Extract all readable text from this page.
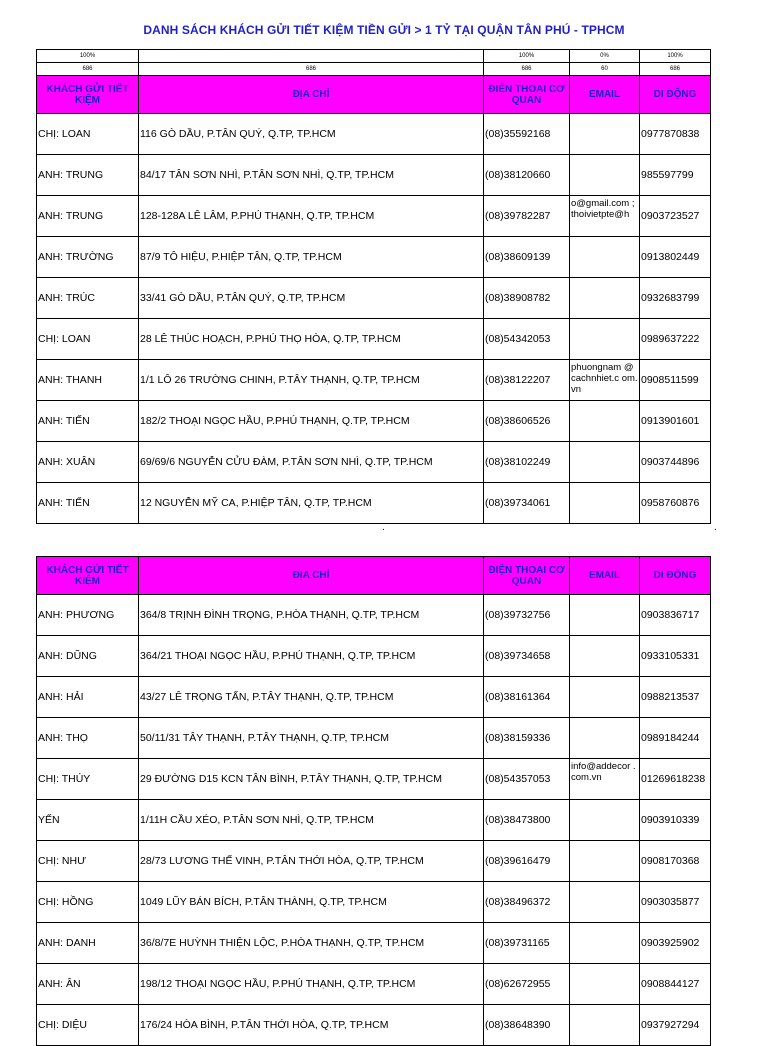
DANH SÁCH KHÁCH GỬI TIẾT KIỆM TIỀN GỬI > 1 TỶ TẠI QUẬN TÂN PHÚ - TPHCM
100%		100%	0%	100%
686	686	686	60	686
KHÁCH GỬI TIẾT KIỆM	ĐỊA CHỈ	ĐIỆN THOẠI CƠ QUAN	EMAIL	DI ĐỘNG
CHỊ: LOAN	116 GÒ DẦU, P.TÂN QUÝ, Q.TP, TP.HCM	(08)35592168		0977870838
ANH: TRUNG	84/17 TÂN SƠN NHÌ, P.TÂN SƠN NHÌ, Q.TP, TP.HCM	(08)38120660		985597799
ANH: TRUNG	128-128A LÊ LÂM, P.PHÚ THẠNH, Q.TP, TP.HCM	(08)39782287	o@gmail.com ; thoivietpte@h	0903723527
ANH: TRƯỜNG	87/9 TÔ HIỆU, P.HIỆP TÂN, Q.TP, TP.HCM	(08)38609139		0913802449
ANH: TRÚC	33/41 GÒ DẦU, P.TÂN QUÝ, Q.TP, TP.HCM	(08)38908782		0932683799
CHỊ: LOAN	28 LÊ THÚC HOẠCH, P.PHÚ THỌ HÒA, Q.TP, TP.HCM	(08)54342053		0989637222
ANH: THANH	1/1 LÔ 26 TRƯỜNG CHINH, P.TÂY THẠNH, Q.TP, TP.HCM	(08)38122207	phuongnam @cachnhiet.c om.vn	0908511599
ANH: TIẾN	182/2 THOẠI NGỌC HẦU, P.PHÚ THẠNH, Q.TP, TP.HCM	(08)38606526		0913901601
ANH: XUÂN	69/69/6 NGUYỄN CỬU ĐÀM, P.TÂN SƠN NHÌ, Q.TP, TP.HCM	(08)38102249		0903744896
ANH: TIẾN	12 NGUYỄN MỸ CA, P.HIỆP TÂN, Q.TP, TP.HCM	(08)39734061		0958760876
.	.
KHÁCH GỬI TIẾT KIỆM	ĐỊA CHỈ	ĐIỆN THOẠI CƠ QUAN	EMAIL	DI ĐỘNG
ANH: PHƯƠNG	364/8 TRỊNH ĐÌNH TRỌNG, P.HÒA THẠNH, Q.TP, TP.HCM	(08)39732756		0903836717
ANH: DŨNG	364/21 THOẠI NGỌC HẦU, P.PHÚ THẠNH, Q.TP, TP.HCM	(08)39734658		0933105331
ANH: HẢI	43/27 LÊ TRỌNG TẤN, P.TÂY THẠNH, Q.TP, TP.HCM	(08)38161364		0988213537
ANH: THỌ	50/11/31 TÂY THẠNH, P.TÂY THẠNH, Q.TP, TP.HCM	(08)38159336		0989184244
CHỊ: THÚY	29 ĐƯỜNG D15 KCN TÂN BÌNH, P.TÂY THẠNH, Q.TP, TP.HCM	(08)54357053	info@addecor .com.vn	01269618238
YẾN	1/11H CẦU XÉO, P.TÂN SƠN NHÌ, Q.TP, TP.HCM	(08)38473800		0903910339
CHỊ: NHƯ	28/73 LƯƠNG THẾ VINH, P.TÂN THỚI HÒA, Q.TP, TP.HCM	(08)39616479		0908170368
CHỊ: HỒNG	1049 LŨY BÁN BÍCH, P.TÂN THÀNH, Q.TP, TP.HCM	(08)38496372		0903035877
ANH: DANH	36/8/7E HUỲNH THIỆN LỘC, P.HÒA THẠNH, Q.TP, TP.HCM	(08)39731165		0903925902
ANH: ÂN	198/12 THOẠI NGỌC HẦU, P.PHÚ THẠNH, Q.TP, TP.HCM	(08)62672955		0908844127
CHỊ: DIỆU	176/24 HÒA BÌNH, P.TÂN THỚI HÒA, Q.TP, TP.HCM	(08)38648390		0937927294
